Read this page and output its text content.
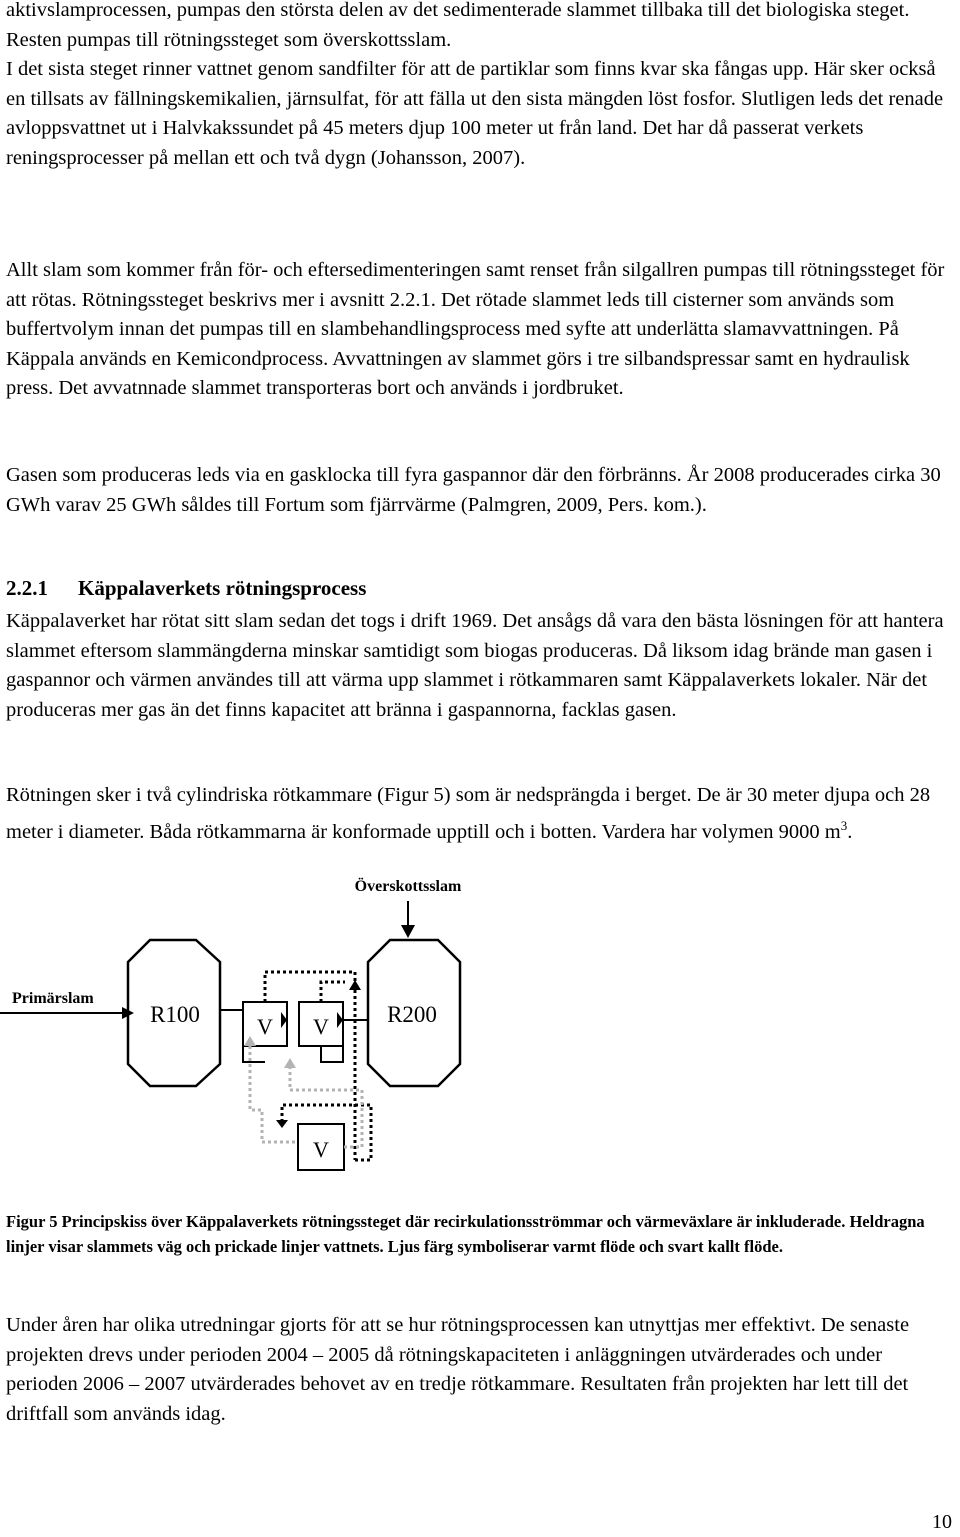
aktivslamprocessen, pumpas den största delen av det sedimenterade slammet tillbaka till det biologiska steget. Resten pumpas till rötningssteget som överskottsslam.

I det sista steget rinner vattnet genom sandfilter för att de partiklar som finns kvar ska fångas upp. Här sker också en tillsats av fällningskemikalien, järnsulfat, för att fälla ut den sista mängden löst fosfor. Slutligen leds det renade avloppsvattnet ut i Halvkakssundet på 45 meters djup 100 meter ut från land. Det har då passerat verkets reningsprocesser på mellan ett och två dygn (Johansson, 2007).

Allt slam som kommer från för- och eftersedimenteringen samt renset från silgallren pumpas till rötningssteget för att rötas. Rötningssteget beskrivs mer i avsnitt 2.2.1. Det rötade slammet leds till cisterner som används som buffertvolym innan det pumpas till en slambehandlingsprocess med syfte att underlätta slamavvattningen. På Käppala används en Kemicondprocess. Avvattningen av slammet görs i tre silbandspressar samt en hydraulisk press. Det avvatnnade slammet transporteras bort och används i jordbruket.

Gasen som produceras leds via en gasklocka till fyra gaspannor där den förbränns. År 2008 producerades cirka 30 GWh varav 25 GWh såldes till Fortum som fjärrvärme (Palmgren, 2009, Pers. kom.).

2.2.1 Käppalaverkets rötningsprocess

Käppalaverket har rötat sitt slam sedan det togs i drift 1969. Det ansågs då vara den bästa lösningen för att hantera slammet eftersom slammängderna minskar samtidigt som biogas produceras. Då liksom idag brände man gasen i gaspannor och värmen användes till att värma upp slammet i rötkammaren samt Käppalaverkets lokaler. När det produceras mer gas än det finns kapacitet att bränna i gaspannorna, facklas gasen.

Rötningen sker i två cylindriska rötkammare (Figur 5) som är nedsprängda i berget. De är 30 meter djupa och 28 meter i diameter. Båda rötkammarna är konformade upptill och i botten. Vardera har volymen 9000 $m^3$.

Överskottsslam
Primärslam
R100	R200
V V
V

Figur 5 Principskiss över Käppalaverkets rötningssteget där recirkulationsströmmar och värmeväxlare är inkluderade. Heldragna linjer visar slammets väg och prickade linjer vattnets. Ljus färg symboliserar varmt flöde och svart kallt flöde.

Under åren har olika utredningar gjorts för att se hur rötningsprocessen kan utnyttjas mer effektivt. De senaste projekten drevs under perioden 2004 – 2005 då rötningskapaciteten i anläggningen utvärderades och under perioden 2006 – 2007 utvärderades behovet av en tredje rötkammare. Resultaten från projekten har lett till det driftfall som används idag.

10
